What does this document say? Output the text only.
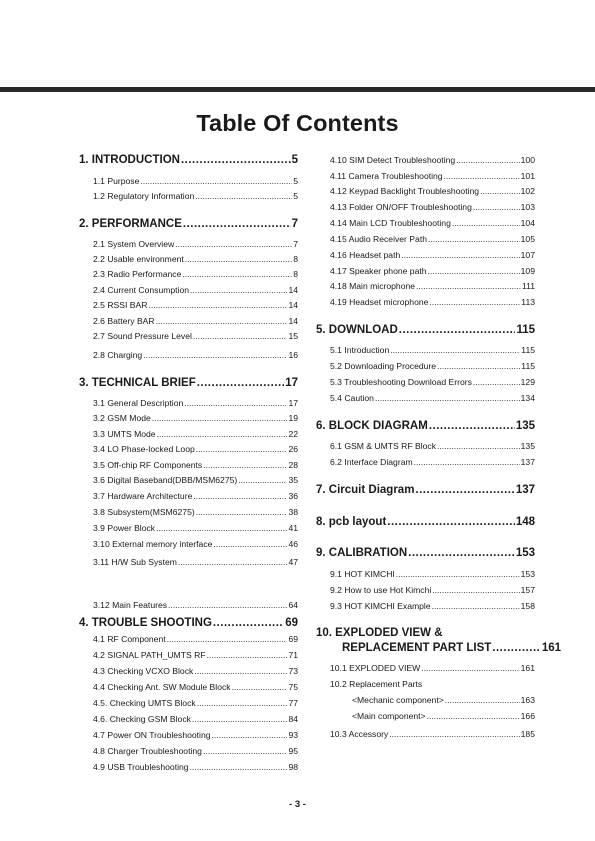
Table Of Contents
1. INTRODUCTION .....	5
1.1 Purpose .....	5
1.2 Regulatory Information .....	5
2. PERFORMANCE .....	7
2.1 System Overview .....	7
2.2 Usable environment .....	8
2.3 Radio Performance .....	8
2.4 Current Consumption .....	14
2.5 RSSI BAR .....	14
2.6 Battery BAR .....	14
2.7 Sound Pressure Level .....	15
2.8 Charging .....	16
3. TECHNICAL BRIEF .....	17
3.1 General Description .....	17
3.2 GSM Mode .....	19
3.3 UMTS Mode .....	22
3.4 LO Phase-locked Loop .....	26
3.5 Off-chip RF Components .....	28
3.6 Digital Baseband(DBB/MSM6275) .....	35
3.7 Hardware Architecture .....	36
3.8 Subsystem(MSM6275) .....	38
3.9 Power Block .....	41
3.10 External memory interface .....	46
3.11 H/W Sub System .....	47
3.12 Main Features .....	64
4. TROUBLE SHOOTING .....	69
4.1 RF Component .....	69
4.2 SIGNAL PATH_UMTS RF .....	71
4.3 Checking VCXO Block .....	73
4.4 Checking Ant. SW Module Block .....	75
4.5. Checking UMTS Block .....	77
4.6. Checking GSM Block .....	84
4.7 Power ON Troubleshooting .....	93
4.8 Charger Troubleshooting .....	95
4.9 USB Troubleshooting .....	98
4.10 SIM Detect Troubleshooting .....	100
4.11 Camera Troubleshooting .....	101
4.12 Keypad Backlight Troubleshooting .....	102
4.13 Folder ON/OFF Troubleshooting .....	103
4.14 Main LCD Troubleshooting .....	104
4.15 Audio Receiver Path .....	105
4.16 Headset path .....	107
4.17 Speaker phone path .....	109
4.18 Main microphone .....	111
4.19 Headset microphone .....	113
5. DOWNLOAD .....	115
5.1 Introduction .....	115
5.2 Downloading Procedure .....	115
5.3 Troubleshooting Download Errors .....	129
5.4 Caution .....	134
6. BLOCK DIAGRAM .....	135
6.1 GSM & UMTS RF Block .....	135
6.2 Interface Diagram .....	137
7. Circuit Diagram .....	137
8. pcb layout .....	148
9. CALIBRATION .....	153
9.1 HOT KIMCHI .....	153
9.2 How to use Hot Kimchi .....	157
9.3 HOT KIMCHI Example .....	158
10. EXPLODED VIEW &
REPLACEMENT PART LIST .....	161
10.1 EXPLODED VIEW .....	161
10.2 Replacement Parts
<Mechanic component> .....	163
<Main component> .....	166
10.3 Accessory .....	185
- 3 -
